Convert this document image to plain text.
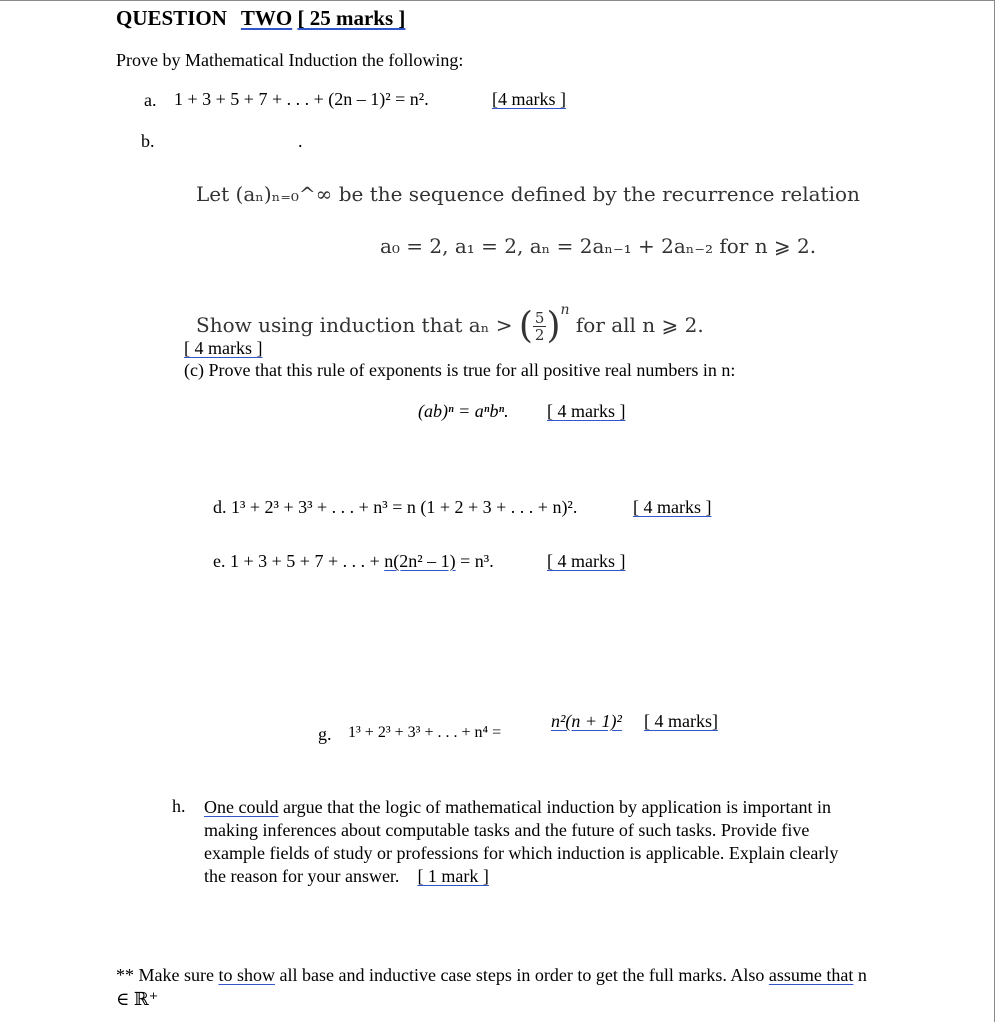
QUESTION TWO [ 25 marks ]
Prove by Mathematical Induction the following:
a. 1 + 3 + 5 + 7 + . . . + (2n – 1)² = n².	[4 marks ]
b.	.
Let (aₙ)ₙ₌₀^∞ be the sequence defined by the recurrence relation
a₀ = 2, a₁ = 2, aₙ = 2aₙ₋₁ + 2aₙ₋₂ for n ⩾ 2.
Show using induction that aₙ > ( $\frac{5}{2} )^n$ for all n ⩾ 2.
[ 4 marks ]
(c) Prove that this rule of exponents is true for all positive real numbers in n:
(ab)ⁿ = aⁿbⁿ. [ 4 marks ]
d. 1³ + 2³ + 3³ + . . . + n³ = n (1 + 2 + 3 + . . . + n)².	[ 4 marks ]
e. 1 + 3 + 5 + 7 + . . . + n(2n² – 1) = n³.	[ 4 marks ]
g. 1³ + 2³ + 3³ + . . . + n⁴ =
n²(n + 1)² [ 4 marks]
h. One could argue that the logic of mathematical induction by application is important in making inferences about computable tasks and the future of such tasks. Provide five example fields of study or professions for which induction is applicable. Explain clearly the reason for your answer. [ 1 mark ]
** Make sure to show all base and inductive case steps in order to get the full marks. Also assume that n ∈ ℝ⁺
